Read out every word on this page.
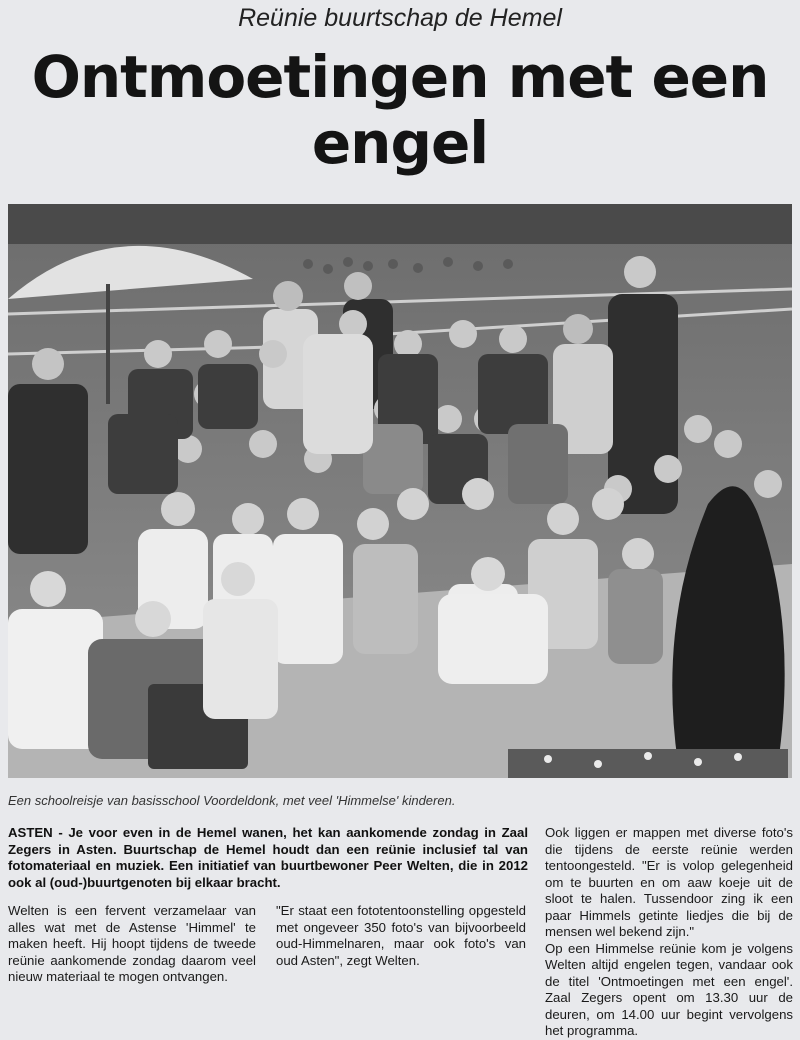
Reünie buurtschap de Hemel
Ontmoetingen met een engel
Een schoolreisje van basisschool Voordeldonk, met veel 'Himmelse' kinderen.
ASTEN - Je voor even in de Hemel wanen, het kan aankomende zondag in Zaal Zegers in Asten. Buurtschap de Hemel houdt dan een reünie inclusief tal van fotomateriaal en muziek. Een initiatief van buurtbewoner Peer Welten, die in 2012 ook al (oud-)buurtgenoten bij elkaar bracht.

Welten is een fervent verzamelaar van alles wat met de Astense 'Himmel' te maken heeft. Hij hoopt tijdens de tweede reünie aankomende zondag daarom veel nieuw materiaal te mogen ontvangen.

"Er staat een fototentoonstelling opgesteld met ongeveer 350 foto's van bijvoorbeeld oud-Himmelnaren, maar ook foto's van oud Asten", zegt Welten.

Ook liggen er mappen met diverse foto's die tijdens de eerste reünie werden tentoongesteld. "Er is volop gelegenheid om te buurten en om aaw koeje uit de sloot te halen. Tussendoor zing ik een paar Himmels getinte liedjes die bij de mensen wel bekend zijn."

Op een Himmelse reünie kom je volgens Welten altijd engelen tegen, vandaar ook de titel 'Ontmoetingen met een engel'. Zaal Zegers opent om 13.30 uur de deuren, om 14.00 uur begint vervolgens het programma.
